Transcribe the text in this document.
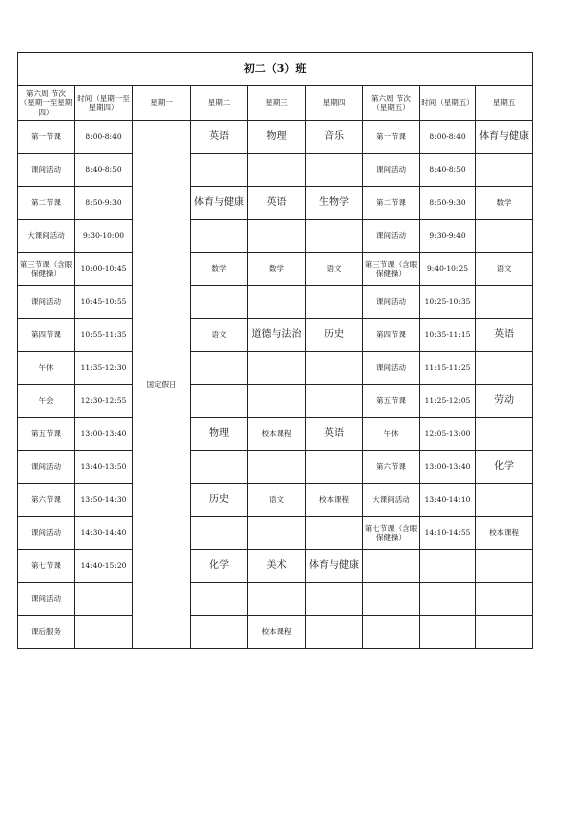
初二（3）班								
第六周 节次（星期一至星期四）	时间（星期一至星期四）	星期一	星期二	星期三	星期四	第六周 节次（星期五）	时间（星期五）	星期五
第一节课	8:00-8:40	国定假日	英语	物理	音乐	第一节课	8:00-8:40	体育与健康
课间活动	8:40-8:50					课间活动	8:40-8:50	
第二节课	8:50-9:30		体育与健康	英语	生物学	第二节课	8:50-9:30	数学
大课间活动	9:30-10:00					课间活动	9:30-9:40	
第三节课（含眼保健操）	10:00-10:45		数学	数学	语文	第三节课（含眼保健操）	9:40-10:25	语文
课间活动	10:45-10:55					课间活动	10:25-10:35	
第四节课	10:55-11:35		语文	道德与法治	历史	第四节课	10:35-11:15	英语
午休	11:35-12:30					课间活动	11:15-11:25	
午会	12:30-12:55					第五节课	11:25-12:05	劳动
第五节课	13:00-13:40		物理	校本课程	英语	午休	12:05-13:00	
课间活动	13:40-13:50					第六节课	13:00-13:40	化学
第六节课	13:50-14:30		历史	语文	校本课程	大课间活动	13:40-14:10	
课间活动	14:30-14:40					第七节课（含眼保健操）	14:10-14:55	校本课程
第七节课	14:40-15:20		化学	美术	体育与健康			
课间活动								
课后服务				校本课程				
